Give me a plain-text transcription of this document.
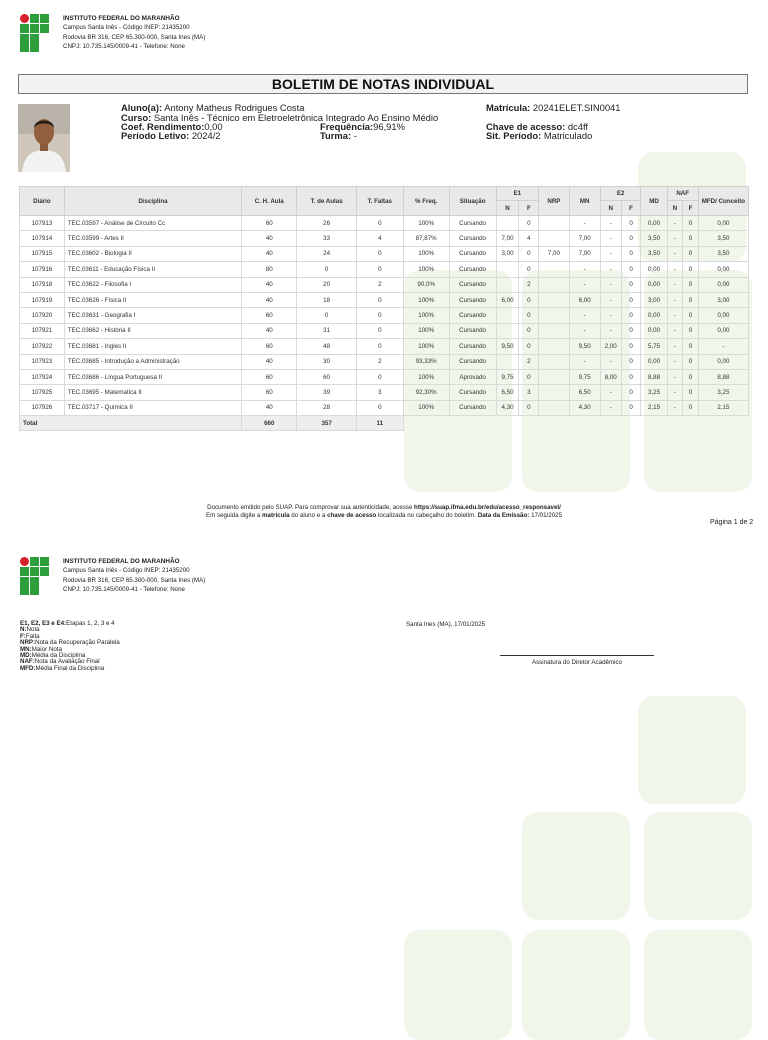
INSTITUTO FEDERAL DO MARANHÃO
Campus Santa Inês - Código INEP: 21435200
Rodovia BR 316, CEP 65.300-000, Santa Ines (MA)
CNPJ: 10.735.145/0009-41 - Telefone: None
BOLETIM DE NOTAS INDIVIDUAL
Aluno(a): Antony Matheus Rodrigues Costa
Curso: Santa Inês - Técnico em Eletroeletrônica Integrado Ao Ensino Médio
Coef. Rendimento:0,00	Frequência:96,91%
Período Letivo: 2024/2	Turma: -
Matrícula: 20241ELET.SIN0041
Chave de acesso: dc4ff
Sit. Período: Matriculado
Diário	Disciplina	C. H. Aula	T. de Aulas	T. Faltas	% Freq.	Situação	E1		NRP	MN	E2		MD	NAF		MFD/ Conceito
							N	F			N	F		N	F	
107913	TEC.03597 - Análise de Circuito Cc	60	26	0	100%	Cursando		0		-	-	0	0,00	-	0	0,00
107914	TEC.03599 - Artes II	40	33	4	87,87%	Cursando	7,00	4		7,00	-	0	3,50	-	0	3,50
107915	TEC.03602 - Biologia II	40	24	0	100%	Cursando	3,00	0	7,00	7,00	-	0	3,50	-	0	3,50
107916	TEC.03611 - Educação Física II	80	0	0	100%	Cursando		0		-	-	0	0,00	-	0	0,00
107918	TEC.03622 - Filosofia I	40	20	2	90,0%	Cursando		2		-	-	0	0,00	-	0	0,00
107919	TEC.03626 - Física II	40	18	0	100%	Cursando	6,00	0		6,00	-	0	3,00	-	0	3,00
107920	TEC.03631 - Geografia I	60	0	0	100%	Cursando		0		-	-	0	0,00	-	0	0,00
107921	TEC.03662 - História II	40	31	0	100%	Cursando		0		-	-	0	0,00	-	0	0,00
107922	TEC.03681 - Ingles II	60	48	0	100%	Cursando	9,50	0		9,50	2,00	0	5,75	-	0	-
107923	TEC.03685 - Introdução a Administração	40	30	2	93,33%	Cursando		2		-	-	0	0,00	-	0	0,00
107924	TEC.03686 - Língua Portuguesa II	60	60	0	100%	Aprovado	9,75	0		9,75	8,00	0	8,88	-	0	8,88
107925	TEC.03695 - Matematica II	60	39	3	92,30%	Cursando	6,50	3		6,50	-	0	3,25	-	0	3,25
107926	TEC.03717 - Química II	40	28	0	100%	Cursando	4,30	0		4,30	-	0	2,15	-	0	2,15
Total		660	357	11												
Documento emitido pelo SUAP. Para comprovar sua autenticidade, acesse https://suap.ifma.edu.br/edu/acesso_responsavel/
Em seguida digite a matrícula do aluno e a chave de acesso localizada no cabeçalho do boletim. Data da Emissão: 17/01/2025
Página 1 de 2
INSTITUTO FEDERAL DO MARANHÃO
Campus Santa Inês - Código INEP: 21435200
Rodovia BR 316, CEP 65.300-000, Santa Ines (MA)
CNPJ: 10.735.145/0009-41 - Telefone: None
E1, E2, E3 e E4:Etapas 1, 2, 3 e 4
N:Nota
F:Falta
NRP:Nota da Recuperação Paralela
MN:Maior Nota
MD:Média da Disciplina
NAF:Nota da Avaliação Final
MFD:Média Final da Disciplina
Santa Ines (MA), 17/01/2025
Assinatura do Diretor Acadêmico
